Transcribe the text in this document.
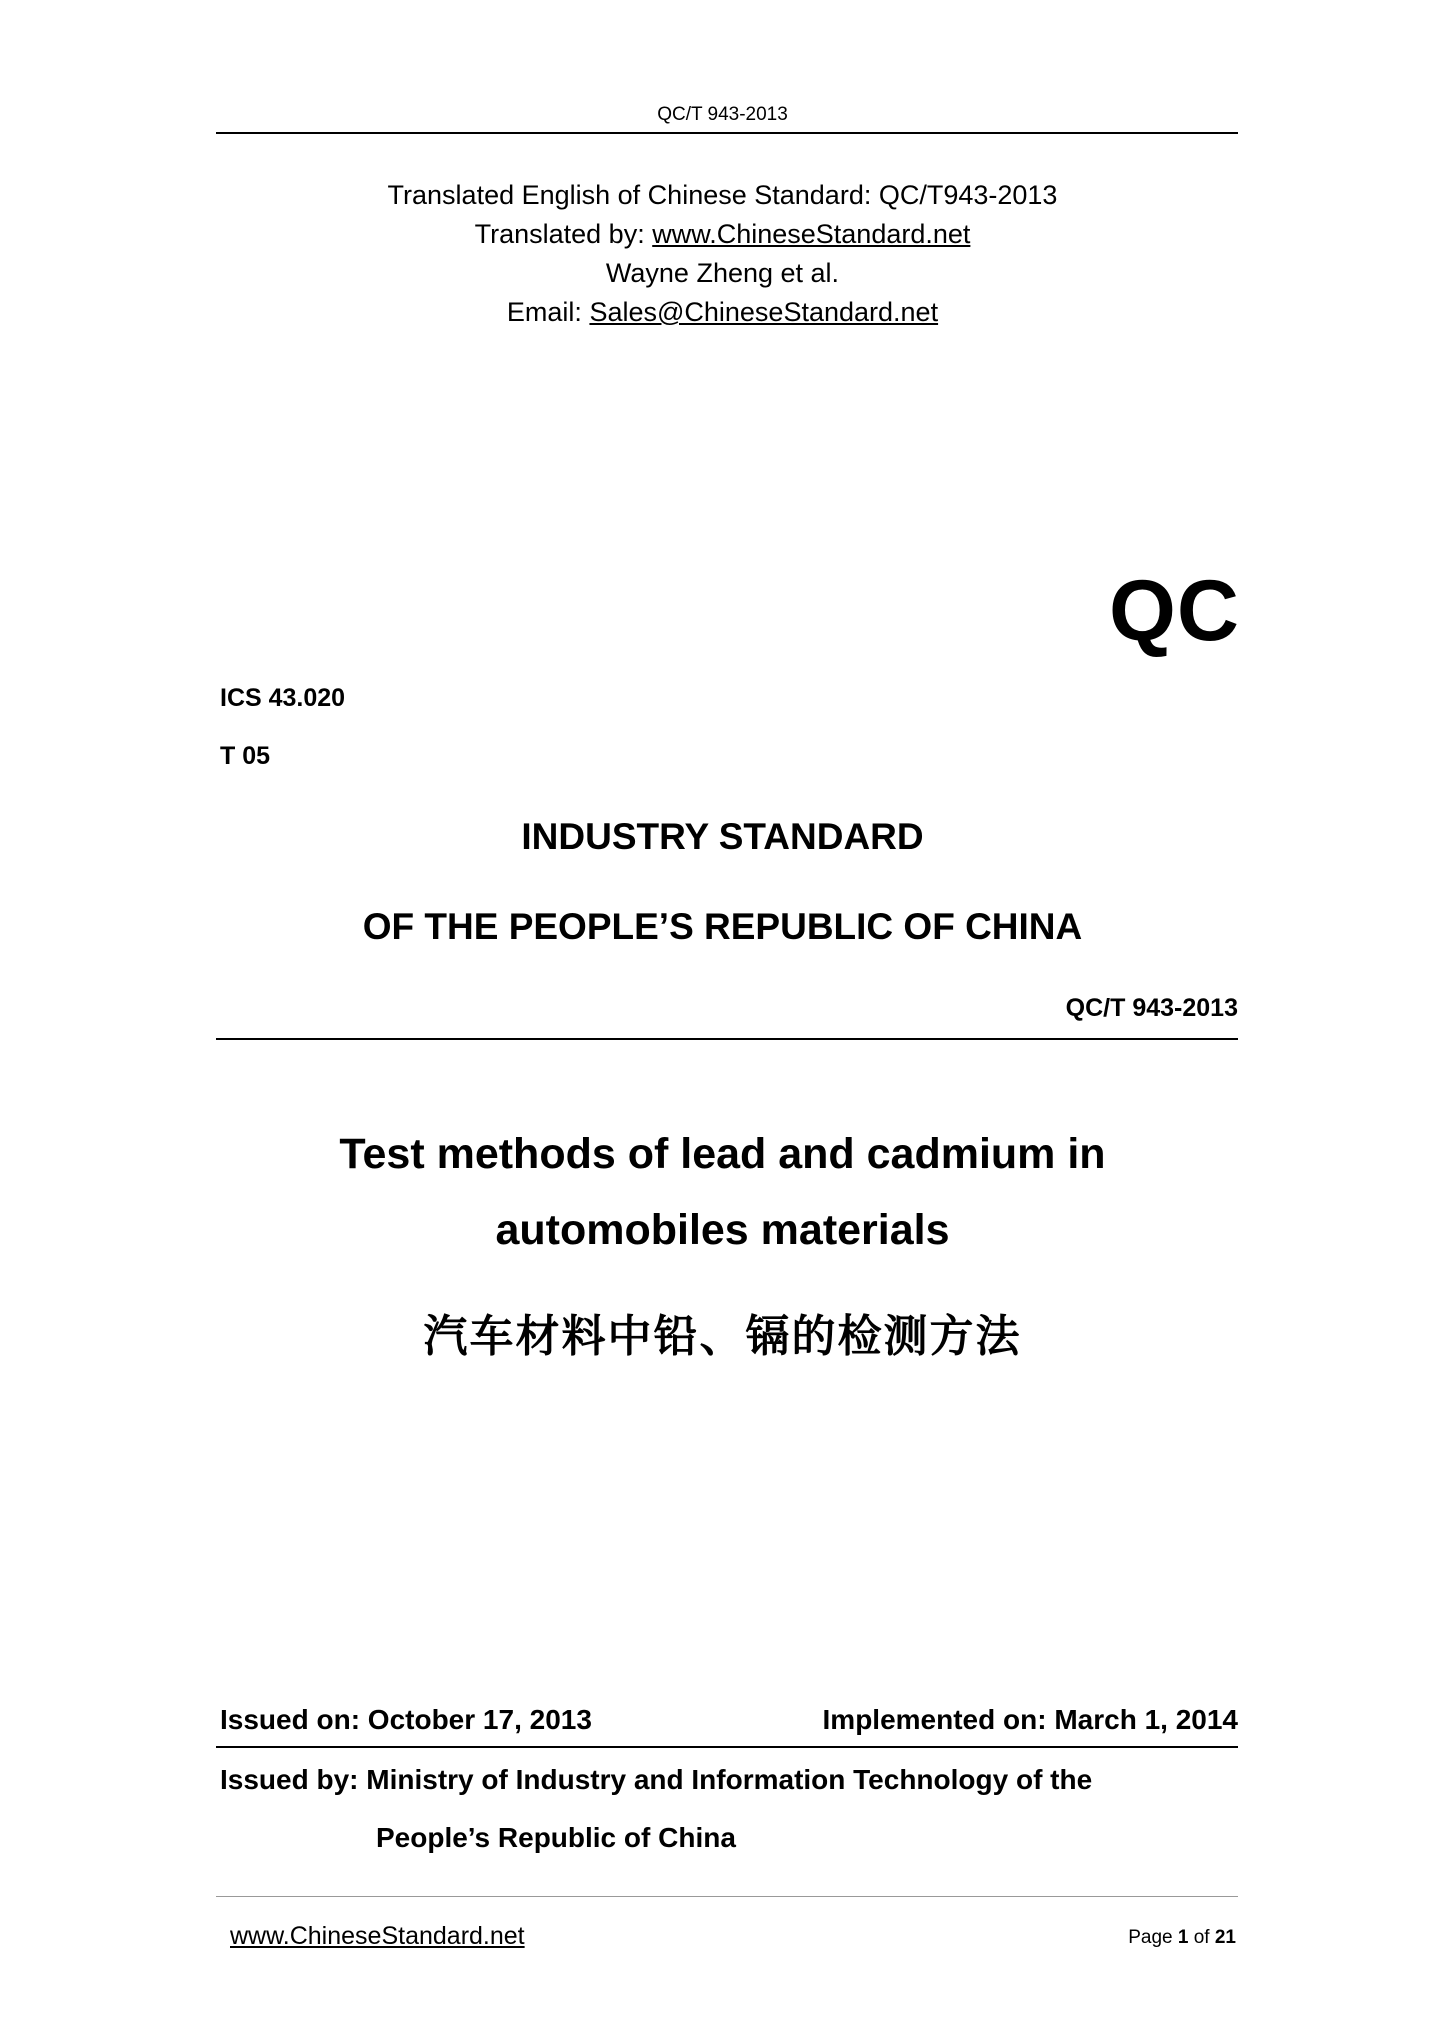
QC/T 943-2013
Translated English of Chinese Standard: QC/T943-2013
Translated by: www.ChineseStandard.net
Wayne Zheng et al.
Email: Sales@ChineseStandard.net
QC
ICS 43.020
T 05
INDUSTRY STANDARD
OF THE PEOPLE’S REPUBLIC OF CHINA
QC/T 943-2013
Test methods of lead and cadmium in
automobiles materials
汽车材料中铅、镉的检测方法
Issued on: October 17, 2013	Implemented on: March 1, 2014
Issued by: Ministry of Industry and Information Technology of the
People’s Republic of China
www.ChineseStandard.net	Page 1 of 21
